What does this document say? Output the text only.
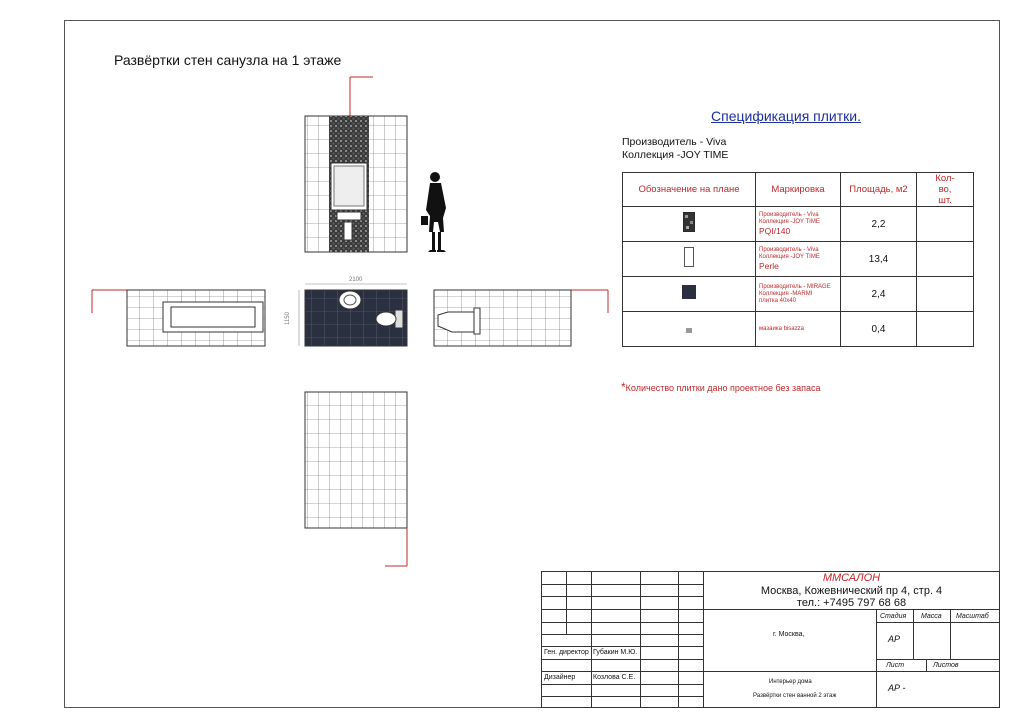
Развёртки стен санузла на 1 этаже
2100
1150
Спецификация плитки.
Производитель - Viva
Коллекция -JOY TIME
Обозначение на плане	Маркировка	Площадь, м2	Кол-во, шт.

Производитель - Viva
Коллекция -JOY TIME
PQI/140	2,2	

Производитель - Viva
Коллекция -JOY TIME
Perle	13,4	

Производитель - MIRAGE
Коллекция -MARMI
плитка 40х40	2,4	

мазаика bisazza	0,4	
*Количество плитки дано проектное без запаса
Ген. директор Губакин М.Ю.
Дизайнер	Козлова С.Е.
ММСАЛОН
Москва, Кожевнический пр 4, стр. 4
тел.: +7495 797 68 68
г. Москва,
Стадия Масса Масштаб
АР
Лист	Листов
Интерьер дома
Развёртки стен ванной 2 этаж
АР -
